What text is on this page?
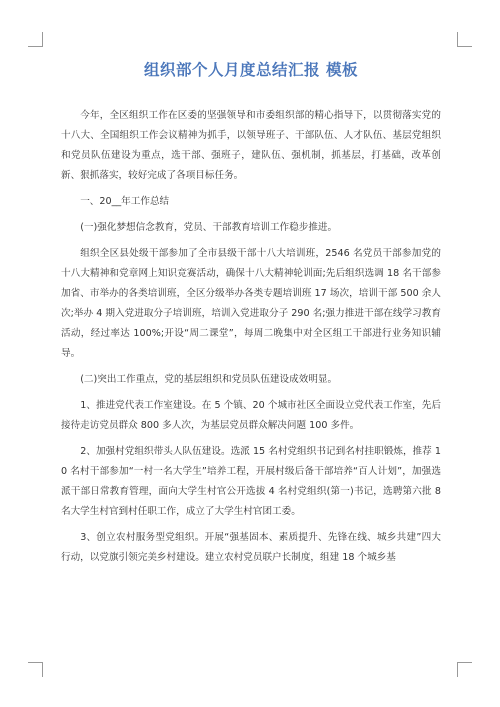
组织部个人月度总结汇报 模板

今年，全区组织工作在区委的坚强领导和市委组织部的精心指导下，以贯彻落实党的十八大、全国组织工作会议精神为抓手，以领导班子、干部队伍、人才队伍、基层党组织和党员队伍建设为重点，选干部、强班子，建队伍、强机制，抓基层，打基础，改革创新、狠抓落实，较好完成了各项目标任务。

一、20__年工作总结

(一)强化梦想信念教育，党员、干部教育培训工作稳步推进。

组织全区县处级干部参加了全市县级干部十八大培训班，2546 名党员干部参加党的十八大精神和党章网上知识竞赛活动，确保十八大精神轮训面;先后组织选调 18 名干部参加省、市举办的各类培训班，全区分级举办各类专题培训班 17 场次，培训干部 500 余人次;举办 4 期入党进取分子培训班，培训入党进取分子 290 名;强力推进干部在线学习教育活动，经过率达 100%;开设“周二课堂”，每周二晚集中对全区组工干部进行业务知识辅导。

(二)突出工作重点，党的基层组织和党员队伍建设成效明显。

1、推进党代表工作室建设。在 5 个镇、20 个城市社区全面设立党代表工作室，先后接待走访党员群众 800 多人次，为基层党员群众解决问题 100 多件。

2、加强村党组织带头人队伍建设。选派 15 名村党组织书记到名村挂职锻炼，推荐 10 名村干部参加“一村一名大学生”培养工程，开展村级后备干部培养“百人计划”，加强选派干部日常教育管理，面向大学生村官公开选拔 4 名村党组织(第一)书记，选聘第六批 8 名大学生村官到村任职工作，成立了大学生村官团工委。

3、创立农村服务型党组织。开展“强基固本、素质提升、先锋在线、城乡共建”四大行动，以党旗引领完美乡村建设。建立农村党员联户长制度，组建 18 个城乡基
